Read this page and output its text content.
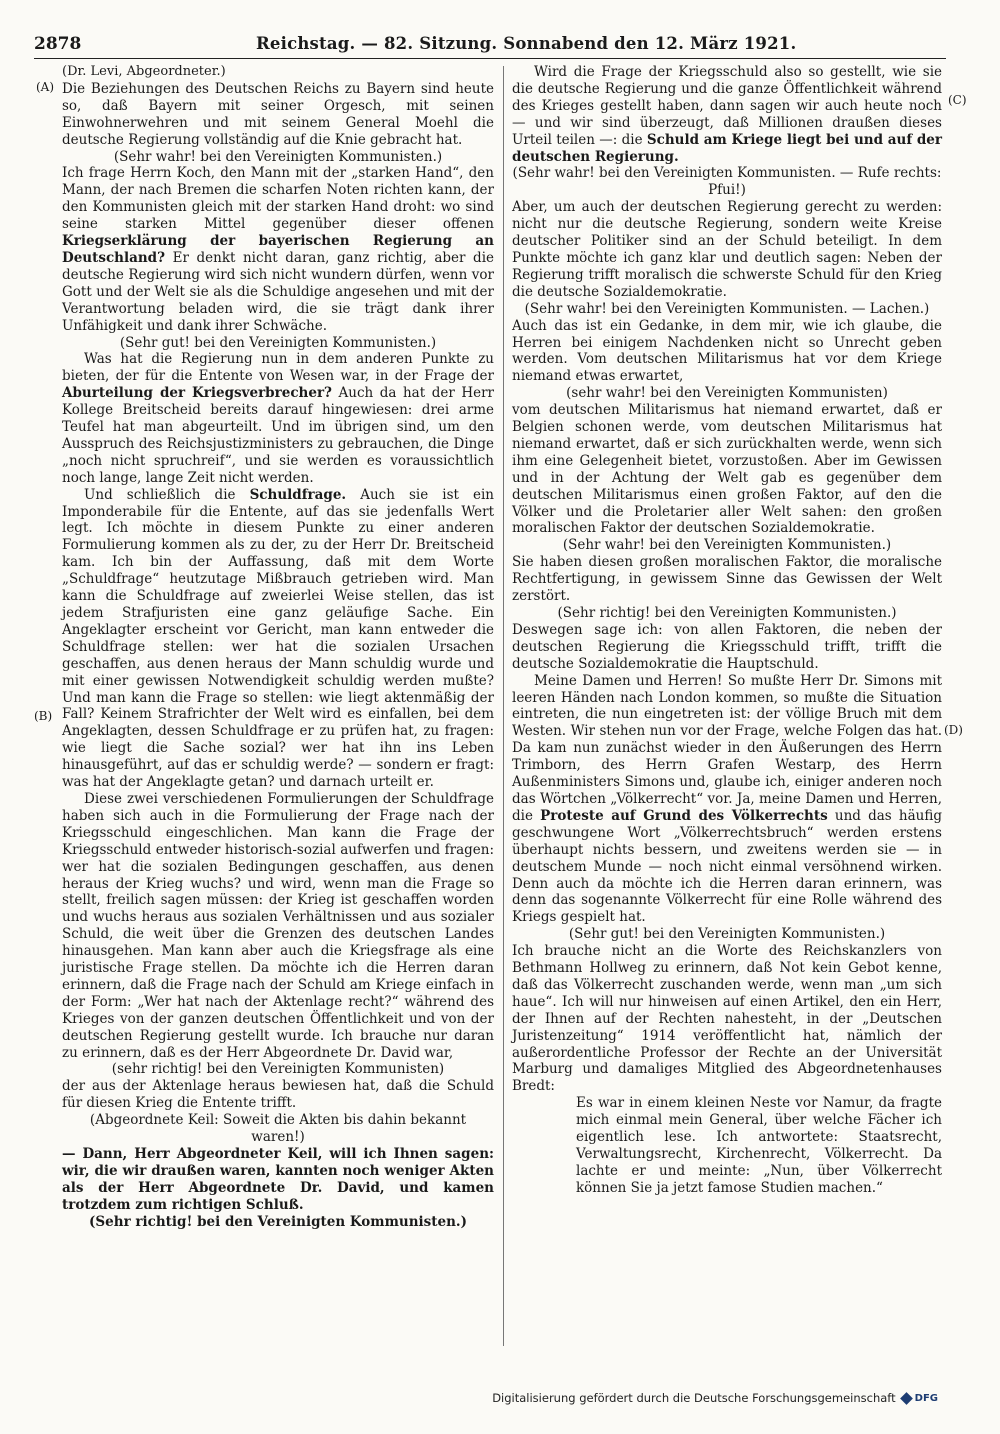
2878	Reichstag. — 82. Sitzung. Sonnabend den 12. März 1921.
(A)
(B)
(C)
(D)

(Dr. Levi, Abgeordneter.)

Die Beziehungen des Deutschen Reichs zu Bayern sind heute so, daß Bayern mit seiner Orgesch, mit seinen Einwohnerwehren und mit seinem General Moehl die deutsche Regierung vollständig auf die Knie gebracht hat.

(Sehr wahr! bei den Vereinigten Kommunisten.)

Ich frage Herrn Koch, den Mann mit der „starken Hand“, den Mann, der nach Bremen die scharfen Noten richten kann, der den Kommunisten gleich mit der starken Hand droht: wo sind seine starken Mittel gegenüber dieser offenen Kriegserklärung der bayerischen Regierung an Deutschland? Er denkt nicht daran, ganz richtig, aber die deutsche Regierung wird sich nicht wundern dürfen, wenn vor Gott und der Welt sie als die Schuldige angesehen und mit der Verantwortung beladen wird, die sie trägt dank ihrer Unfähigkeit und dank ihrer Schwäche.

(Sehr gut! bei den Vereinigten Kommunisten.)

Was hat die Regierung nun in dem anderen Punkte zu bieten, der für die Entente von Wesen war, in der Frage der Aburteilung der Kriegsverbrecher? Auch da hat der Herr Kollege Breitscheid bereits darauf hingewiesen: drei arme Teufel hat man abgeurteilt. Und im übrigen sind, um den Ausspruch des Reichsjustizministers zu gebrauchen, die Dinge „noch nicht spruchreif“, und sie werden es voraussichtlich noch lange, lange Zeit nicht werden.

Und schließlich die Schuldfrage. Auch sie ist ein Imponderabile für die Entente, auf das sie jedenfalls Wert legt. Ich möchte in diesem Punkte zu einer anderen Formulierung kommen als zu der, zu der Herr Dr. Breitscheid kam. Ich bin der Auffassung, daß mit dem Worte „Schuldfrage“ heutzutage Mißbrauch getrieben wird. Man kann die Schuldfrage auf zweierlei Weise stellen, das ist jedem Strafjuristen eine ganz geläufige Sache. Ein Angeklagter erscheint vor Gericht, man kann entweder die Schuldfrage stellen: wer hat die sozialen Ursachen geschaffen, aus denen heraus der Mann schuldig wurde und mit einer gewissen Notwendigkeit schuldig werden mußte? Und man kann die Frage so stellen: wie liegt aktenmäßig der Fall? Keinem Strafrichter der Welt wird es einfallen, bei dem Angeklagten, dessen Schuldfrage er zu prüfen hat, zu fragen: wie liegt die Sache sozial? wer hat ihn ins Leben hinausgeführt, auf das er schuldig werde? — sondern er fragt: was hat der Angeklagte getan? und darnach urteilt er.

Diese zwei verschiedenen Formulierungen der Schuldfrage haben sich auch in die Formulierung der Frage nach der Kriegsschuld eingeschlichen. Man kann die Frage der Kriegsschuld entweder historisch-sozial aufwerfen und fragen: wer hat die sozialen Bedingungen geschaffen, aus denen heraus der Krieg wuchs? und wird, wenn man die Frage so stellt, freilich sagen müssen: der Krieg ist geschaffen worden und wuchs heraus aus sozialen Verhältnissen und aus sozialer Schuld, die weit über die Grenzen des deutschen Landes hinausgehen. Man kann aber auch die Kriegsfrage als eine juristische Frage stellen. Da möchte ich die Herren daran erinnern, daß die Frage nach der Schuld am Kriege einfach in der Form: „Wer hat nach der Aktenlage recht?“ während des Krieges von der ganzen deutschen Öffentlichkeit und von der deutschen Regierung gestellt wurde. Ich brauche nur daran zu erinnern, daß es der Herr Abgeordnete Dr. David war,

(sehr richtig! bei den Vereinigten Kommunisten)

der aus der Aktenlage heraus bewiesen hat, daß die Schuld für diesen Krieg die Entente trifft.

(Abgeordnete Keil: Soweit die Akten bis dahin bekannt waren!)

— Dann, Herr Abgeordneter Keil, will ich Ihnen sagen: wir, die wir draußen waren, kannten noch weniger Akten als der Herr Abgeordnete Dr. David, und kamen trotzdem zum richtigen Schluß.

(Sehr richtig! bei den Vereinigten Kommunisten.)

Wird die Frage der Kriegsschuld also so gestellt, wie sie die deutsche Regierung und die ganze Öffentlichkeit während des Krieges gestellt haben, dann sagen wir auch heute noch — und wir sind überzeugt, daß Millionen draußen dieses Urteil teilen —: die Schuld am Kriege liegt bei und auf der deutschen Regierung.

(Sehr wahr! bei den Vereinigten Kommunisten. — Rufe rechts: Pfui!)

Aber, um auch der deutschen Regierung gerecht zu werden: nicht nur die deutsche Regierung, sondern weite Kreise deutscher Politiker sind an der Schuld beteiligt. In dem Punkte möchte ich ganz klar und deutlich sagen: Neben der Regierung trifft moralisch die schwerste Schuld für den Krieg die deutsche Sozialdemokratie.

(Sehr wahr! bei den Vereinigten Kommunisten. — Lachen.)

Auch das ist ein Gedanke, in dem mir, wie ich glaube, die Herren bei einigem Nachdenken nicht so Unrecht geben werden. Vom deutschen Militarismus hat vor dem Kriege niemand etwas erwartet,

(sehr wahr! bei den Vereinigten Kommunisten)

vom deutschen Militarismus hat niemand erwartet, daß er Belgien schonen werde, vom deutschen Militarismus hat niemand erwartet, daß er sich zurückhalten werde, wenn sich ihm eine Gelegenheit bietet, vorzustoßen. Aber im Gewissen und in der Achtung der Welt gab es gegenüber dem deutschen Militarismus einen großen Faktor, auf den die Völker und die Proletarier aller Welt sahen: den großen moralischen Faktor der deutschen Sozialdemokratie.

(Sehr wahr! bei den Vereinigten Kommunisten.)

Sie haben diesen großen moralischen Faktor, die moralische Rechtfertigung, in gewissem Sinne das Gewissen der Welt zerstört.

(Sehr richtig! bei den Vereinigten Kommunisten.)

Deswegen sage ich: von allen Faktoren, die neben der deutschen Regierung die Kriegsschuld trifft, trifft die deutsche Sozialdemokratie die Hauptschuld.

Meine Damen und Herren! So mußte Herr Dr. Simons mit leeren Händen nach London kommen, so mußte die Situation eintreten, die nun eingetreten ist: der völlige Bruch mit dem Westen. Wir stehen nun vor der Frage, welche Folgen das hat. Da kam nun zunächst wieder in den Äußerungen des Herrn Trimborn, des Herrn Grafen Westarp, des Herrn Außenministers Simons und, glaube ich, einiger anderen noch das Wörtchen „Völkerrecht“ vor. Ja, meine Damen und Herren, die Proteste auf Grund des Völkerrechts und das häufig geschwungene Wort „Völkerrechtsbruch“ werden erstens überhaupt nichts bessern, und zweitens werden sie — in deutschem Munde — noch nicht einmal versöhnend wirken. Denn auch da möchte ich die Herren daran erinnern, was denn das sogenannte Völkerrecht für eine Rolle während des Kriegs gespielt hat.

(Sehr gut! bei den Vereinigten Kommunisten.)

Ich brauche nicht an die Worte des Reichskanzlers von Bethmann Hollweg zu erinnern, daß Not kein Gebot kenne, daß das Völkerrecht zuschanden werde, wenn man „um sich haue“. Ich will nur hinweisen auf einen Artikel, den ein Herr, der Ihnen auf der Rechten nahesteht, in der „Deutschen Juristenzeitung“ 1914 veröffentlicht hat, nämlich der außerordentliche Professor der Rechte an der Universität Marburg und damaliges Mitglied des Abgeordnetenhauses Bredt:

Es war in einem kleinen Neste vor Namur, da fragte mich einmal mein General, über welche Fächer ich eigentlich lese. Ich antwortete: Staatsrecht, Verwaltungsrecht, Kirchenrecht, Völkerrecht. Da lachte er und meinte: „Nun, über Völkerrecht können Sie ja jetzt famose Studien machen.“

Digitalisierung gefördert durch die Deutsche Forschungsgemeinschaft DFG
